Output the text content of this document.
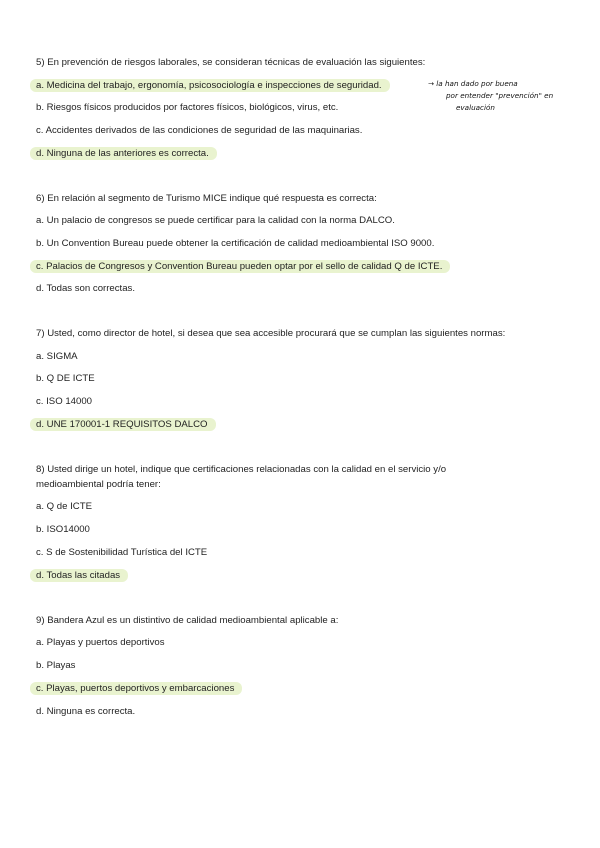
5) En prevención de riesgos laborales, se consideran técnicas de evaluación las siguientes:
a. Medicina del trabajo, ergonomía, psicosociología e inspecciones de seguridad.
b. Riesgos físicos producidos por factores físicos, biológicos, virus, etc.
c. Accidentes derivados de las condiciones de seguridad de las maquinarias.
d. Ninguna de las anteriores es correcta.
→ la han dado por buena
por entender "prevención" en
evaluación
6) En relación al segmento de Turismo MICE indique qué respuesta es correcta:
a. Un palacio de congresos se puede certificar para la calidad con la norma DALCO.
b. Un Convention Bureau puede obtener la certificación de calidad medioambiental ISO 9000.
c. Palacios de Congresos y Convention Bureau pueden optar por el sello de calidad Q de ICTE.
d. Todas son correctas.
7) Usted, como director de hotel, si desea que sea accesible procurará que se cumplan las siguientes normas:
a. SIGMA
b. Q DE ICTE
c. ISO 14000
d. UNE 170001-1 REQUISITOS DALCO
8) Usted dirige un hotel, indique que certificaciones relacionadas con la calidad en el servicio y/o
medioambiental podría tener:
a. Q de ICTE
b. ISO14000
c. S de Sostenibilidad Turística del ICTE
d. Todas las citadas
9) Bandera Azul es un distintivo de calidad medioambiental aplicable a:
a. Playas y puertos deportivos
b. Playas
c. Playas, puertos deportivos y embarcaciones
d. Ninguna es correcta.
